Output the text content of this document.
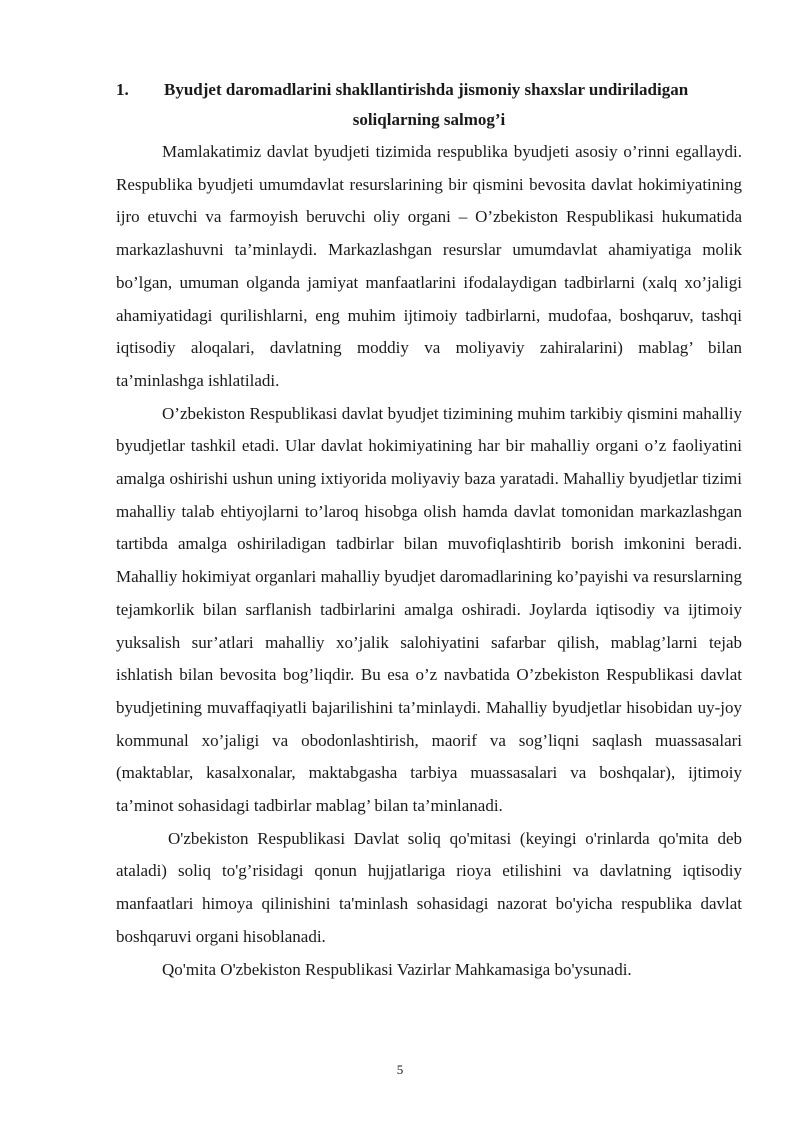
1.	Byudjet daromadlarini shakllantirishda jismoniy shaxslar undiriladigan
soliqlarning salmog’i

Mamlakatimiz davlat byudjeti tizimida respublika byudjeti asosiy o’rinni egallaydi. Respublika byudjeti umumdavlat resurslarining bir qismini bevosita davlat hokimiyatining ijro etuvchi va farmoyish beruvchi oliy organi – O’zbekiston Respublikasi hukumatida markazlashuvni ta’minlaydi. Markazlashgan resurslar umumdavlat ahamiyatiga molik bo’lgan, umuman olganda jamiyat manfaatlarini ifodalaydigan tadbirlarni (xalq xo’jaligi ahamiyatidagi qurilishlarni, eng muhim ijtimoiy tadbirlarni, mudofaa, boshqaruv, tashqi iqtisodiy aloqalari, davlatning moddiy va moliyaviy zahiralarini) mablag’ bilan ta’minlashga ishlatiladi.

O’zbekiston Respublikasi davlat byudjet tizimining muhim tarkibiy qismini mahalliy byudjetlar tashkil etadi. Ular davlat hokimiyatining har bir mahalliy organi o’z faoliyatini amalga oshirishi ushun uning ixtiyorida moliyaviy baza yaratadi. Mahalliy byudjetlar tizimi mahalliy talab ehtiyojlarni to’laroq hisobga olish hamda davlat tomonidan markazlashgan tartibda amalga oshiriladigan tadbirlar bilan muvofiqlashtirib borish imkonini beradi. Mahalliy hokimiyat organlari mahalliy byudjet daromadlarining ko’payishi va resurslarning tejamkorlik bilan sarflanish tadbirlarini amalga oshiradi. Joylarda iqtisodiy va ijtimoiy yuksalish sur’atlari mahalliy xo’jalik salohiyatini safarbar qilish, mablag’larni tejab ishlatish bilan bevosita bog’liqdir. Bu esa o’z navbatida O’zbekiston Respublikasi davlat byudjetining muvaffaqiyatli bajarilishini ta’minlaydi. Mahalliy byudjetlar hisobidan uy-joy kommunal xo’jaligi va obodonlashtirish, maorif va sog’liqni saqlash muassasalari (maktablar, kasalxonalar, maktabgasha tarbiya muassasalari va boshqalar), ijtimoiy ta’minot sohasidagi tadbirlar mablag’ bilan ta’minlanadi.

O'zbekiston Respublikasi Davlat soliq qo'mitasi (keyingi o'rinlarda qo'mita deb ataladi) soliq to'g’risidagi qonun hujjatlariga rioya etilishini va davlatning iqtisodiy manfaatlari himoya qilinishini ta'minlash sohasidagi nazorat bo'yicha respublika davlat boshqaruvi organi hisoblanadi.

Qo'mita O'zbekiston Respublikasi Vazirlar Mahkamasiga bo'ysunadi.

5
